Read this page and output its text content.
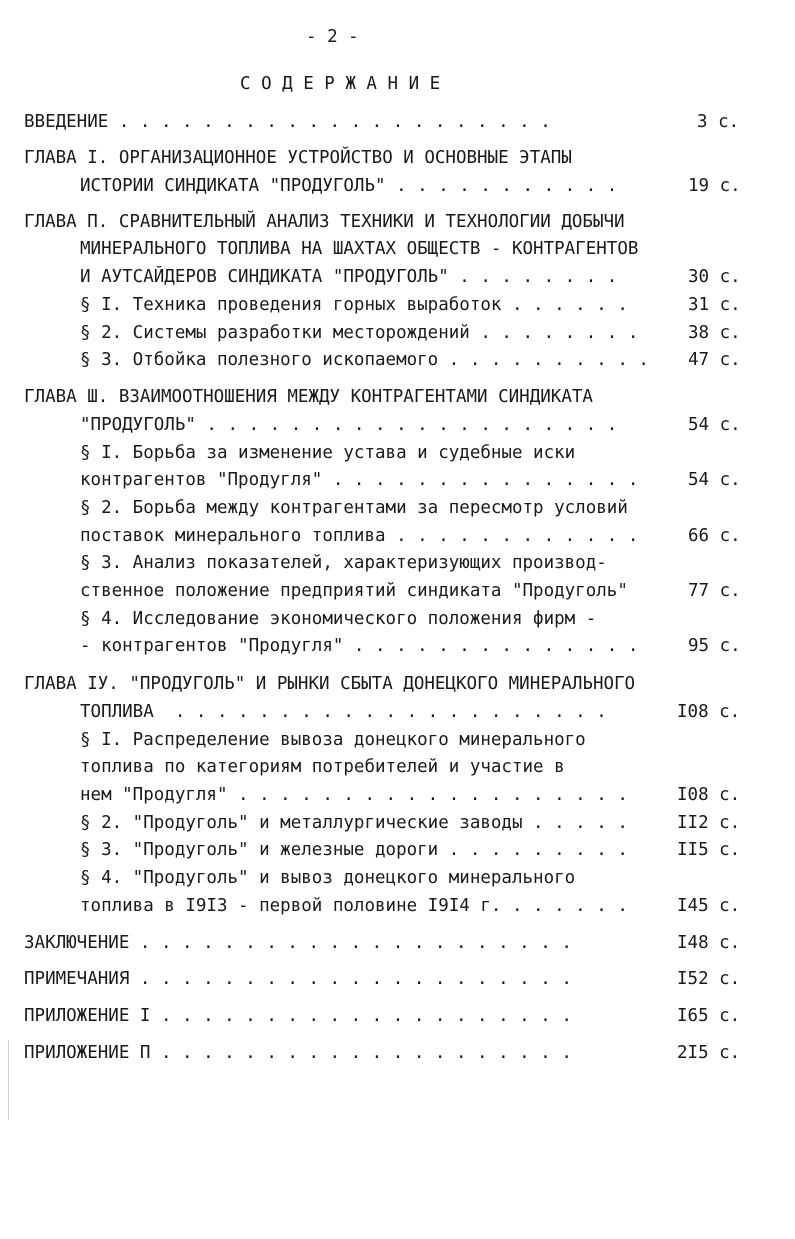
- 2 -
С О Д Е Р Ж А Н И Е
ВВЕДЕНИЕ . . . . . . . . . . . . . . . . . . . . .	3 с.
ГЛАВА I. ОРГАНИЗАЦИОННОЕ УСТРОЙСТВО И ОСНОВНЫЕ ЭТАПЫ
ИСТОРИИ СИНДИКАТА "ПРОДУГОЛЬ" . . . . . . . . . . .	19 с.
ГЛАВА П. СРАВНИТЕЛЬНЫЙ АНАЛИЗ ТЕХНИКИ И ТЕХНОЛОГИИ ДОБЫЧИ
МИНЕРАЛЬНОГО ТОПЛИВА НА ШАХТАХ ОБЩЕСТВ - КОНТРАГЕНТОВ
И АУТСАЙДЕРОВ СИНДИКАТА "ПРОДУГОЛЬ" . . . . . . . .	30 с.
§ I. Техника проведения горных выработок . . . . . .	31 с.
§ 2. Системы разработки месторождений . . . . . . . .	38 с.
§ 3. Отбойка полезного ископаемого . . . . . . . . . .	47 с.
ГЛАВА Ш. ВЗАИМООТНОШЕНИЯ МЕЖДУ КОНТРАГЕНТАМИ СИНДИКАТА
"ПРОДУГОЛЬ" . . . . . . . . . . . . . . . . . . . .	54 с.
§ I. Борьба за изменение устава и судебные иски
контрагентов "Продугля" . . . . . . . . . . . . . . .	54 с.
§ 2. Борьба между контрагентами за пересмотр условий
поставок минерального топлива . . . . . . . . . . . .	66 с.
§ 3. Анализ показателей, характеризующих производ-
ственное положение предприятий синдиката "Продуголь"	77 с.
§ 4. Исследование экономического положения фирм -
- контрагентов "Продугля" . . . . . . . . . . . . . .	95 с.
ГЛАВА IУ. "ПРОДУГОЛЬ" И РЫНКИ СБЫТА ДОНЕЦКОГО МИНЕРАЛЬНОГО
ТОПЛИВА  . . . . . . . . . . . . . . . . . . . . .	I08 с.
§ I. Распределение вывоза донецкого минерального
топлива по категориям потребителей и участие в
нем "Продугля" . . . . . . . . . . . . . . . . . . .	I08 с.
§ 2. "Продуголь" и металлургические заводы . . . . .	II2 с.
§ 3. "Продуголь" и железные дороги . . . . . . . . .	II5 с.
§ 4. "Продуголь" и вывоз донецкого минерального
топлива в I9I3 - первой половине I9I4 г. . . . . . .	I45 с.
ЗАКЛЮЧЕНИЕ . . . . . . . . . . . . . . . . . . . . .	I48 с.
ПРИМЕЧАНИЯ . . . . . . . . . . . . . . . . . . . . .	I52 с.
ПРИЛОЖЕНИЕ I . . . . . . . . . . . . . . . . . . . .	I65 с.
ПРИЛОЖЕНИЕ П . . . . . . . . . . . . . . . . . . . .	2I5 с.
